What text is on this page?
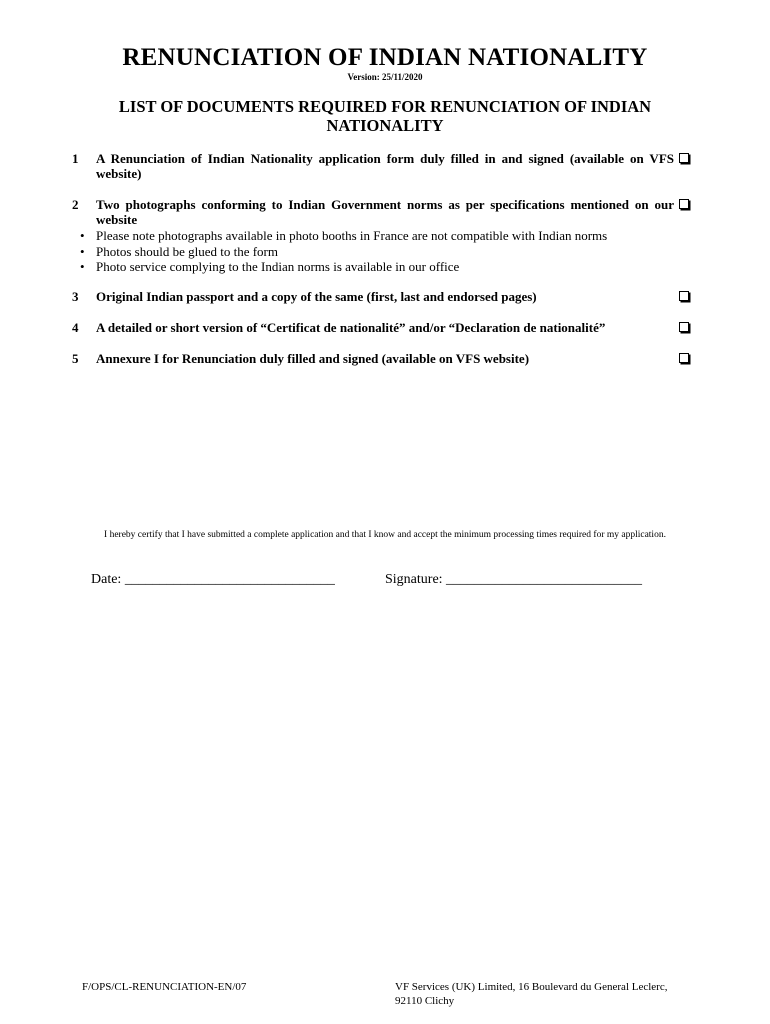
RENUNCIATION OF INDIAN NATIONALITY
Version: 25/11/2020
LIST OF DOCUMENTS REQUIRED FOR RENUNCIATION OF INDIAN NATIONALITY
1 A Renunciation of Indian Nationality application form duly filled in and signed (available on VFS website)
2 Two photographs conforming to Indian Government norms as per specifications mentioned on our website
• Please note photographs available in photo booths in France are not compatible with Indian norms
• Photos should be glued to the form
• Photo service complying to the Indian norms is available in our office
3 Original Indian passport and a copy of the same (first, last and endorsed pages)
4 A detailed or short version of “Certificat de nationalité” and/or “Declaration de nationalité”
5 Annexure I for Renunciation duly filled and signed (available on VFS website)
I hereby certify that I have submitted a complete application and that I know and accept the minimum processing times required for my application.
Date: ______________________________	Signature: ____________________________
F/OPS/CL-RENUNCIATION-EN/07	VF Services (UK) Limited, 16 Boulevard du General Leclerc, 92110 Clichy
